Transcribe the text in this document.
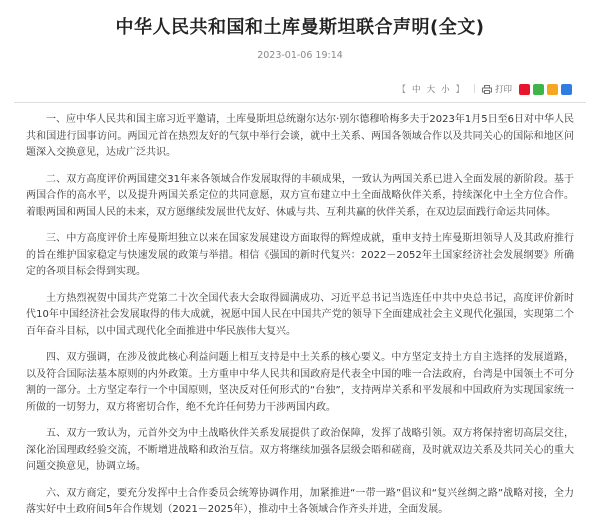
中华人民共和国和土库曼斯坦联合声明(全文)
2023-01-06 19:14
【 中 大 小 】 | 打印

一、应中华人民共和国主席习近平邀请，土库曼斯坦总统谢尔达尔·别尔德穆哈梅多夫于2023年1月5日至6日对中华人民共和国进行国事访问。两国元首在热烈友好的气氛中举行会谈，就中土关系、两国各领域合作以及共同关心的国际和地区问题深入交换意见，达成广泛共识。

二、双方高度评价两国建交31年来各领域合作发展取得的丰硕成果，一致认为两国关系已进入全面发展的新阶段。基于两国合作的高水平，以及提升两国关系定位的共同意愿，双方宣布建立中土全面战略伙伴关系，持续深化中土全方位合作。着眼两国和两国人民的未来，双方愿继续发展世代友好、休戚与共、互利共赢的伙伴关系，在双边层面践行命运共同体。

三、中方高度评价土库曼斯坦独立以来在国家发展建设方面取得的辉煌成就，重申支持土库曼斯坦领导人及其政府推行的旨在维护国家稳定与快速发展的政策与举措。相信《强国的新时代复兴：2022－2052年土国家经济社会发展纲要》所确定的各项目标会得到实现。

土方热烈祝贺中国共产党第二十次全国代表大会取得圆满成功、习近平总书记当选连任中共中央总书记，高度评价新时代10年中国经济社会发展取得的伟大成就，祝愿中国人民在中国共产党的领导下全面建成社会主义现代化强国，实现第二个百年奋斗目标，以中国式现代化全面推进中华民族伟大复兴。

四、双方强调，在涉及彼此核心利益问题上相互支持是中土关系的核心要义。中方坚定支持土方自主选择的发展道路，以及符合国际法基本原则的内外政策。土方重申中华人民共和国政府是代表全中国的唯一合法政府，台湾是中国领土不可分割的一部分。土方坚定奉行一个中国原则，坚决反对任何形式的“台独”，支持两岸关系和平发展和中国政府为实现国家统一所做的一切努力，双方将密切合作，绝不允许任何势力干涉两国内政。

五、双方一致认为，元首外交为中土战略伙伴关系发展提供了政治保障，发挥了战略引领。双方将保持密切高层交往，深化治国理政经验交流，不断增进战略和政治互信。双方将继续加强各层级会晤和磋商，及时就双边关系及共同关心的重大问题交换意见，协调立场。

六、双方商定，要充分发挥中土合作委员会统筹协调作用，加紧推进“一带一路”倡议和“复兴丝绸之路”战略对接，全力落实好中土政府间5年合作规划（2021－2025年），推动中土各领域合作齐头并进，全面发展。
